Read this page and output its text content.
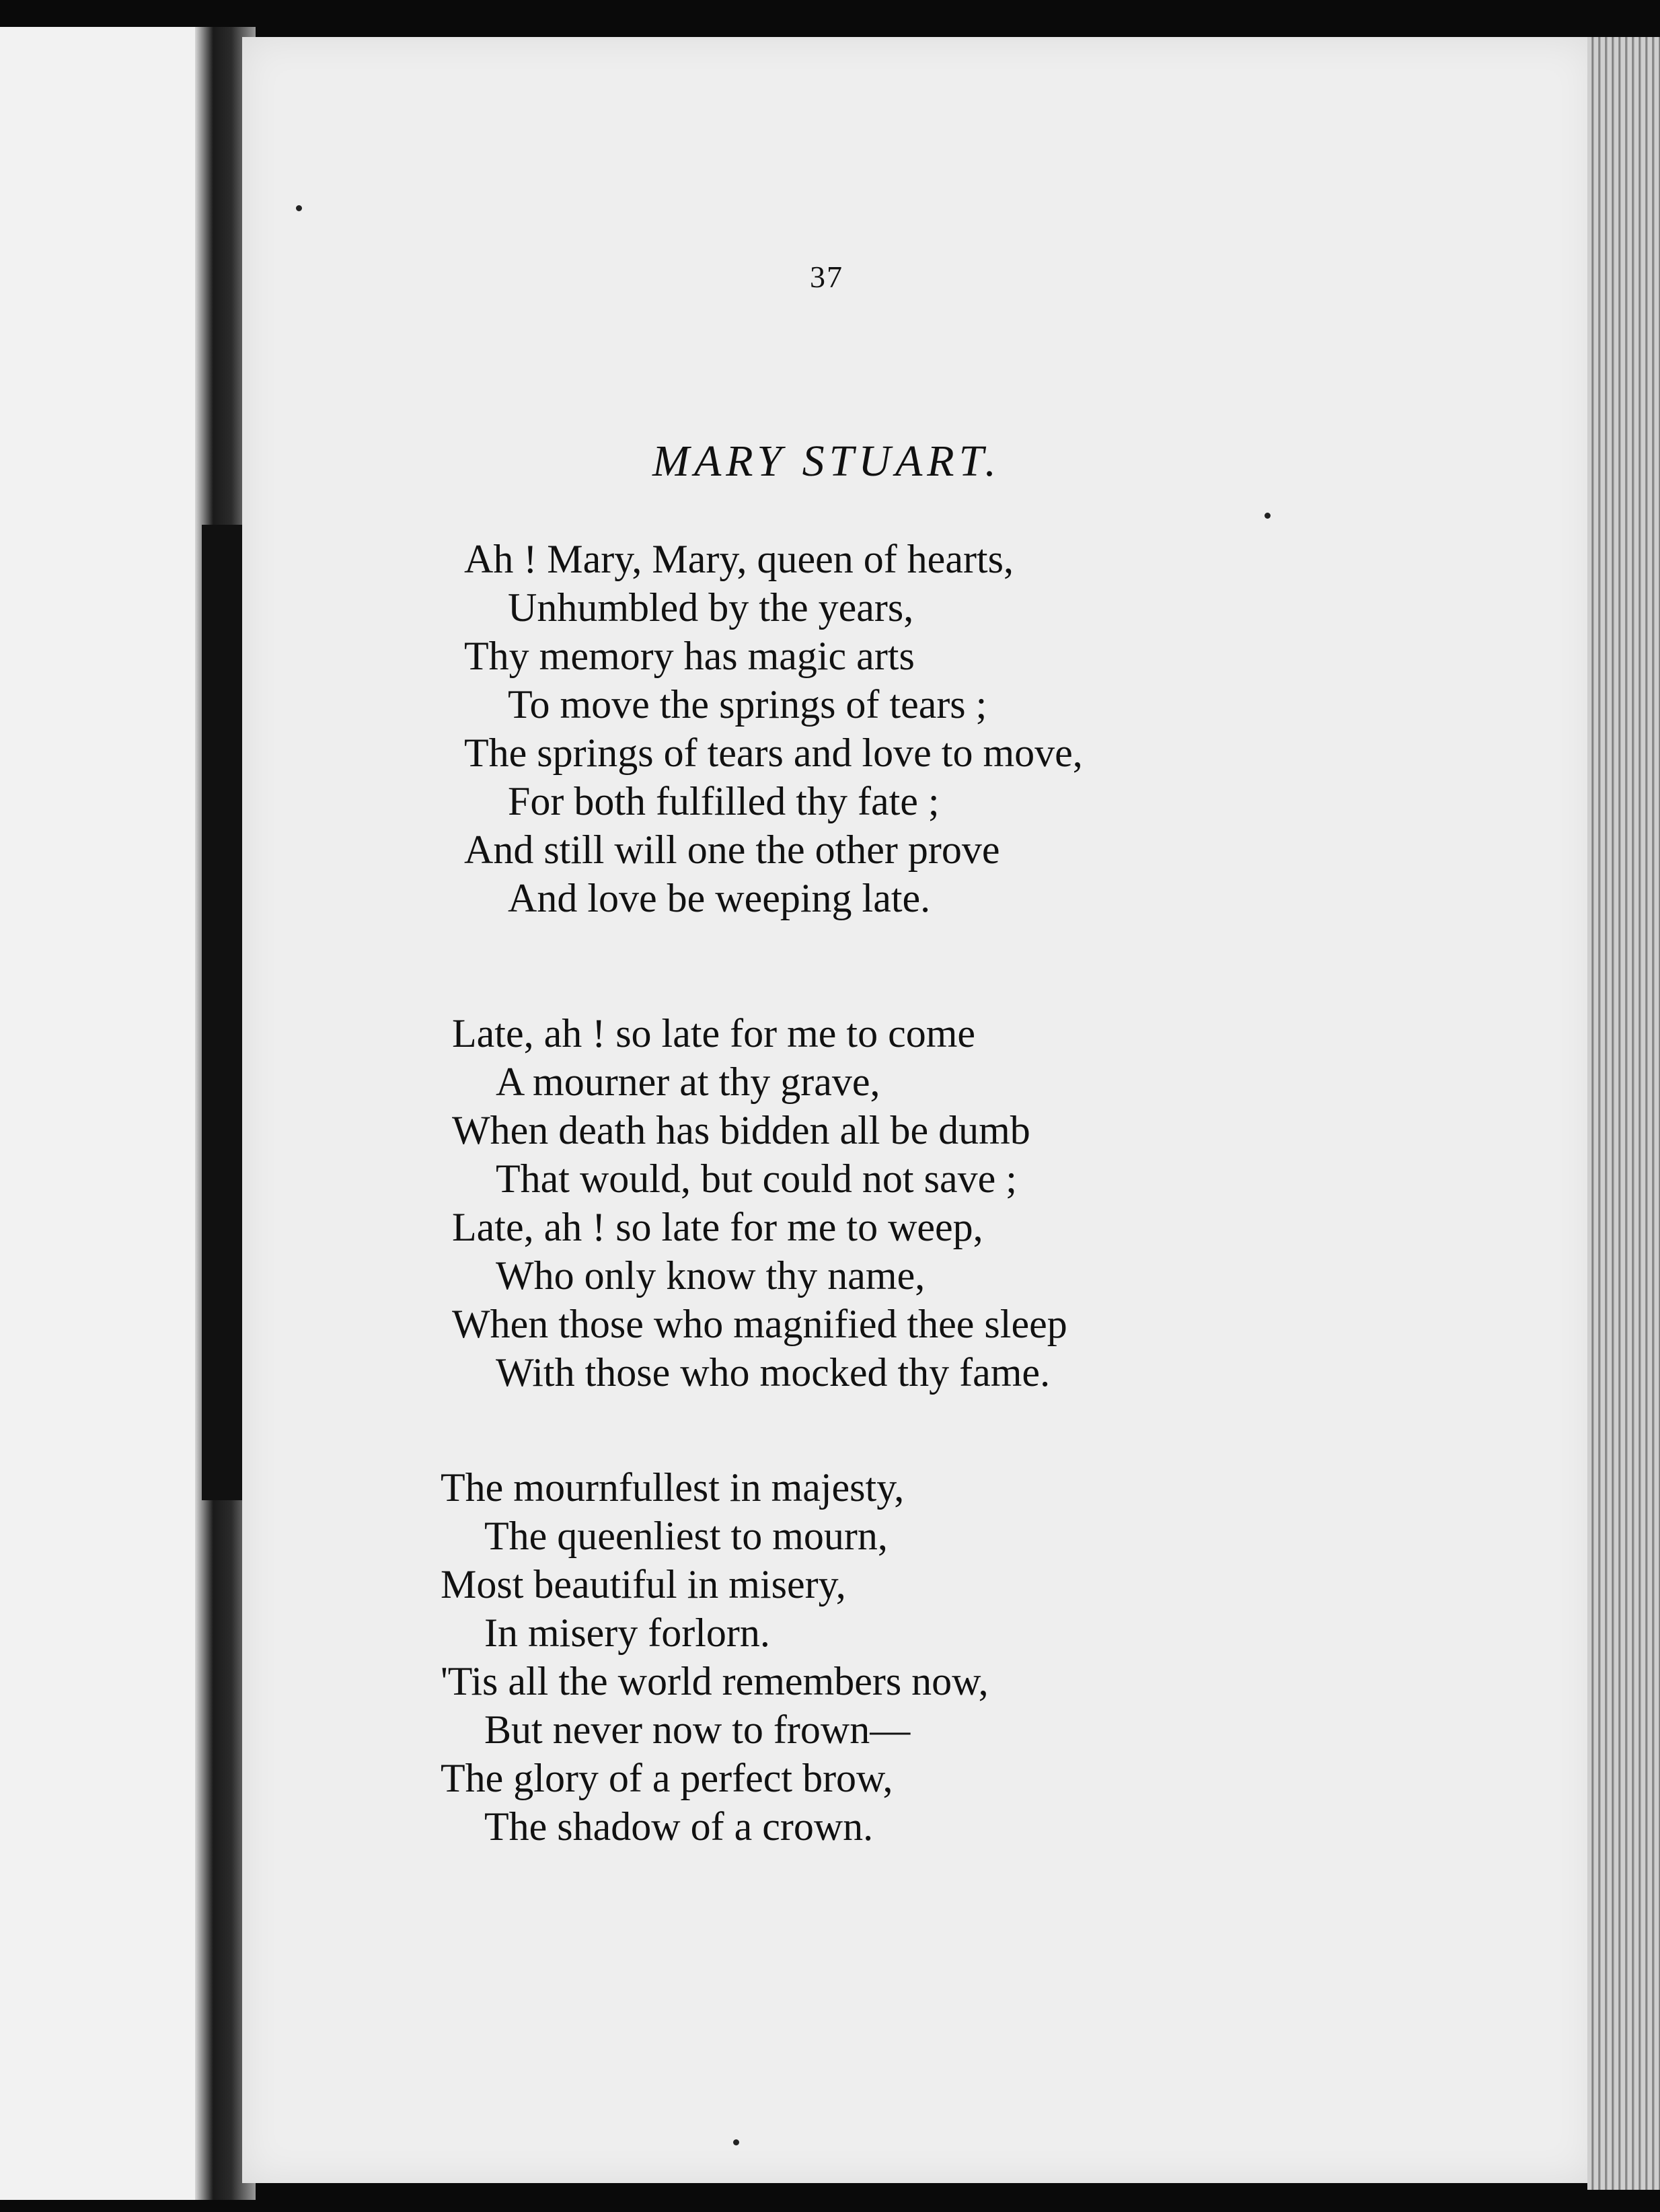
37
MARY STUART.
Ah ! Mary, Mary, queen of hearts,
Unhumbled by the years,
Thy memory has magic arts
To move the springs of tears ;
The springs of tears and love to move,
For both fulfilled thy fate ;
And still will one the other prove
And love be weeping late.
Late, ah ! so late for me to come
A mourner at thy grave,
When death has bidden all be dumb
That would, but could not save ;
Late, ah ! so late for me to weep,
Who only know thy name,
When those who magnified thee sleep
With those who mocked thy fame.
The mournfullest in majesty,
The queenliest to mourn,
Most beautiful in misery,
In misery forlorn.
'Tis all the world remembers now,
But never now to frown—
The glory of a perfect brow,
The shadow of a crown.
